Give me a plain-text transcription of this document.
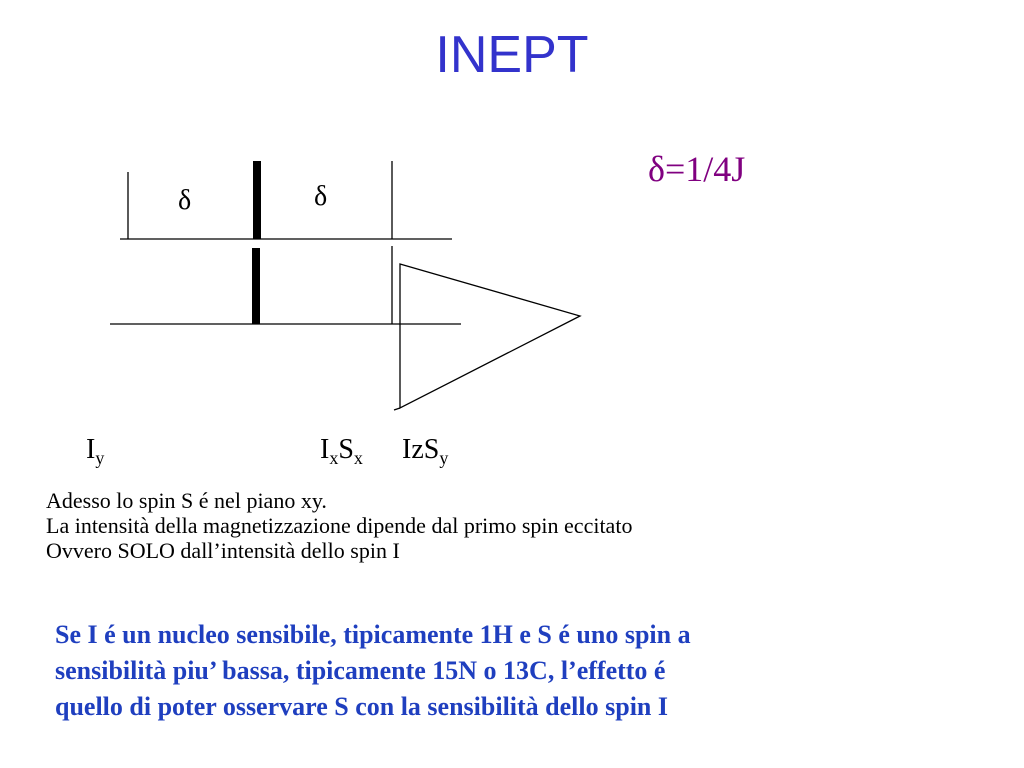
INEPT
δ=1/4J
δ	δ
$I_y$	$I_xS_x$ IzS$_y$
Adesso lo spin S é nel piano xy.
La intensità della magnetizzazione dipende dal primo spin eccitato
Ovvero SOLO dall’intensità dello spin I
Se I é un nucleo sensibile, tipicamente 1H e S é uno spin a
sensibilità piu’ bassa, tipicamente 15N o 13C, l’effetto é
quello di poter osservare S con la sensibilità dello spin I
